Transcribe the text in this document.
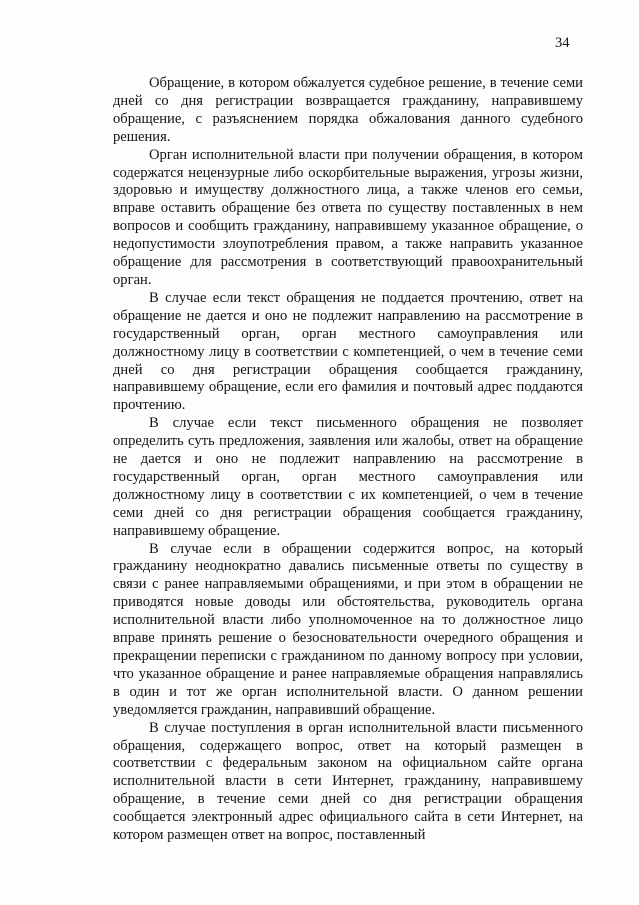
34

Обращение, в котором обжалуется судебное решение, в течение семи дней со дня регистрации возвращается гражданину, направившему обращение, с разъяснением порядка обжалования данного судебного решения.

Орган исполнительной власти при получении обращения, в котором содержатся нецензурные либо оскорбительные выражения, угрозы жизни, здоровью и имуществу должностного лица, а также членов его семьи, вправе оставить обращение без ответа по существу поставленных в нем вопросов и сообщить гражданину, направившему указанное обращение, о недопустимости злоупотребления правом, а также направить указанное обращение для рассмотрения в соответствующий правоохранительный орган.

В случае если текст обращения не поддается прочтению, ответ на обращение не дается и оно не подлежит направлению на рассмотрение в государственный орган, орган местного самоуправления или должностному лицу в соответствии с компетенцией, о чем в течение семи дней со дня регистрации обращения сообщается гражданину, направившему обращение, если его фамилия и почтовый адрес поддаются прочтению.

В случае если текст письменного обращения не позволяет определить суть предложения, заявления или жалобы, ответ на обращение не дается и оно не подлежит направлению на рассмотрение в государственный орган, орган местного самоуправления или должностному лицу в соответствии с их компетенцией, о чем в течение семи дней со дня регистрации обращения сообщается гражданину, направившему обращение.

В случае если в обращении содержится вопрос, на который гражданину неоднократно давались письменные ответы по существу в связи с ранее направляемыми обращениями, и при этом в обращении не приводятся новые доводы или обстоятельства, руководитель органа исполнительной власти либо уполномоченное на то должностное лицо вправе принять решение о безосновательности очередного обращения и прекращении переписки с гражданином по данному вопросу при условии, что указанное обращение и ранее направляемые обращения направлялись в один и тот же орган исполнительной власти. О данном решении уведомляется гражданин, направивший обращение.

В случае поступления в орган исполнительной власти письменного обращения, содержащего вопрос, ответ на который размещен в соответствии с федеральным законом на официальном сайте органа исполнительной власти в сети Интернет, гражданину, направившему обращение, в течение семи дней со дня регистрации обращения сообщается электронный адрес официального сайта в сети Интернет, на котором размещен ответ на вопрос, поставленный
